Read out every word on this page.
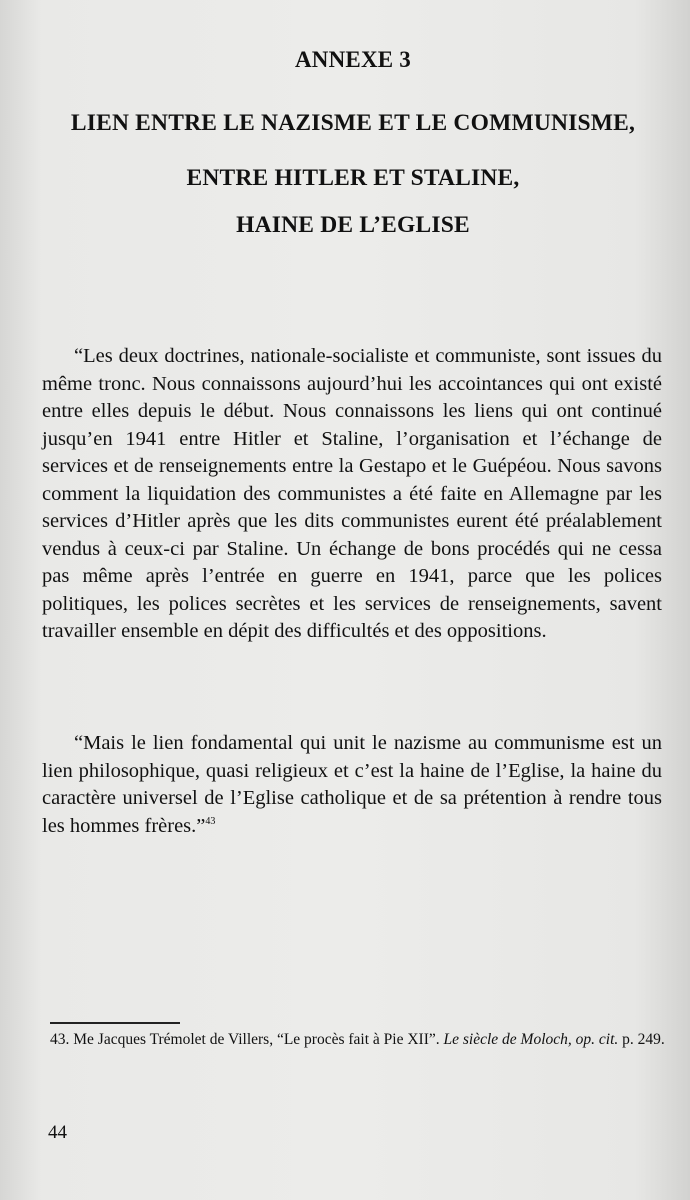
ANNEXE 3

LIEN ENTRE LE NAZISME ET LE COMMUNISME,

ENTRE HITLER ET STALINE,

HAINE DE L’EGLISE

“Les deux doctrines, nationale-socialiste et communiste, sont issues du même tronc. Nous connaissons aujourd’hui les accointances qui ont existé entre elles depuis le début. Nous connaissons les liens qui ont continué jusqu’en 1941 entre Hitler et Staline, l’organisation et l’échange de services et de renseignements entre la Gestapo et le Guépéou. Nous savons comment la liquidation des communistes a été faite en Allemagne par les services d’Hitler après que les dits communistes eurent été préalablement vendus à ceux-ci par Staline. Un échange de bons procédés qui ne cessa pas même après l’entrée en guerre en 1941, parce que les polices politiques, les polices secrètes et les services de renseignements, savent travailler ensemble en dépit des difficultés et des oppositions.

“Mais le lien fondamental qui unit le nazisme au communisme est un lien philosophique, quasi religieux et c’est la haine de l’Eglise, la haine du caractère universel de l’Eglise catholique et de sa prétention à rendre tous les hommes frères.”$^{43}$

43. Me Jacques Trémolet de Villers, “Le procès fait à Pie XII”. Le siècle de Moloch, op. cit. p. 249.

44
